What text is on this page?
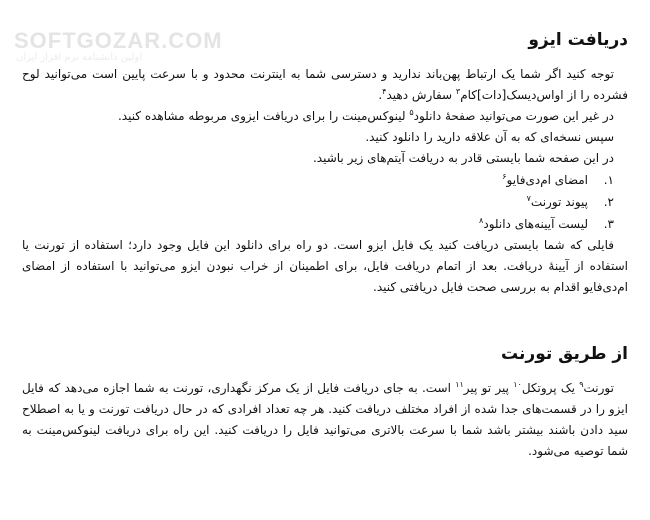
SOFTGOZAR.COM
اولین دانشنامه نرم افزار ایران
دریافت ایزو

توجه کنید اگر شما یک ارتباط پهن‌باند ندارید و دسترسی شما به اینترنت محدود و با سرعت پایین است می‌توانید لوح فشرده را از اواس‌دیسک[دات]کام$^۳$ سفارش دهید$^۴$.

در غیر این صورت می‌توانید صفحهٔ دانلود$^۵$ لینوکس‌مینت را برای دریافت ایزوی مربوطه مشاهده کنید.

سپس نسخه‌ای که به آن علاقه دارید را دانلود کنید.

در این صفحه شما بایستی قادر به دریافت آیتم‌های زیر باشید.

۱.امضای ام‌دی‌فایو$^۶$
۲.پیوند تورنت$^۷$
۳.لیست آیینه‌های دانلود$^۸$

فایلی که شما بایستی دریافت کنید یک فایل ایزو است. دو راه برای دانلود این فایل وجود دارد؛ استفاده از تورنت یا استفاده از آیینهٔ دریافت. بعد از اتمام دریافت فایل، برای اطمینان از خراب نبودن ایزو می‌توانید با استفاده از امضای ام‌دی‌فایو اقدام به بررسی صحت فایل دریافتی کنید.

از طریق تورنت

تورنت$^۹$ یک پروتکل$^{۱۰}$ پیر تو پیر$^{۱۱}$ است. به جای دریافت فایل از یک مرکز نگهداری، تورنت به شما اجازه می‌دهد که فایل ایزو را در قسمت‌های جدا شده از افراد مختلف دریافت کنید. هر چه تعداد افرادی که در حال دریافت تورنت و یا به اصطلاح سید دادن باشند بیشتر باشد شما با سرعت بالاتری می‌توانید فایل را دریافت کنید. این راه برای دریافت لینوکس‌مینت به شما توصیه می‌شود.
